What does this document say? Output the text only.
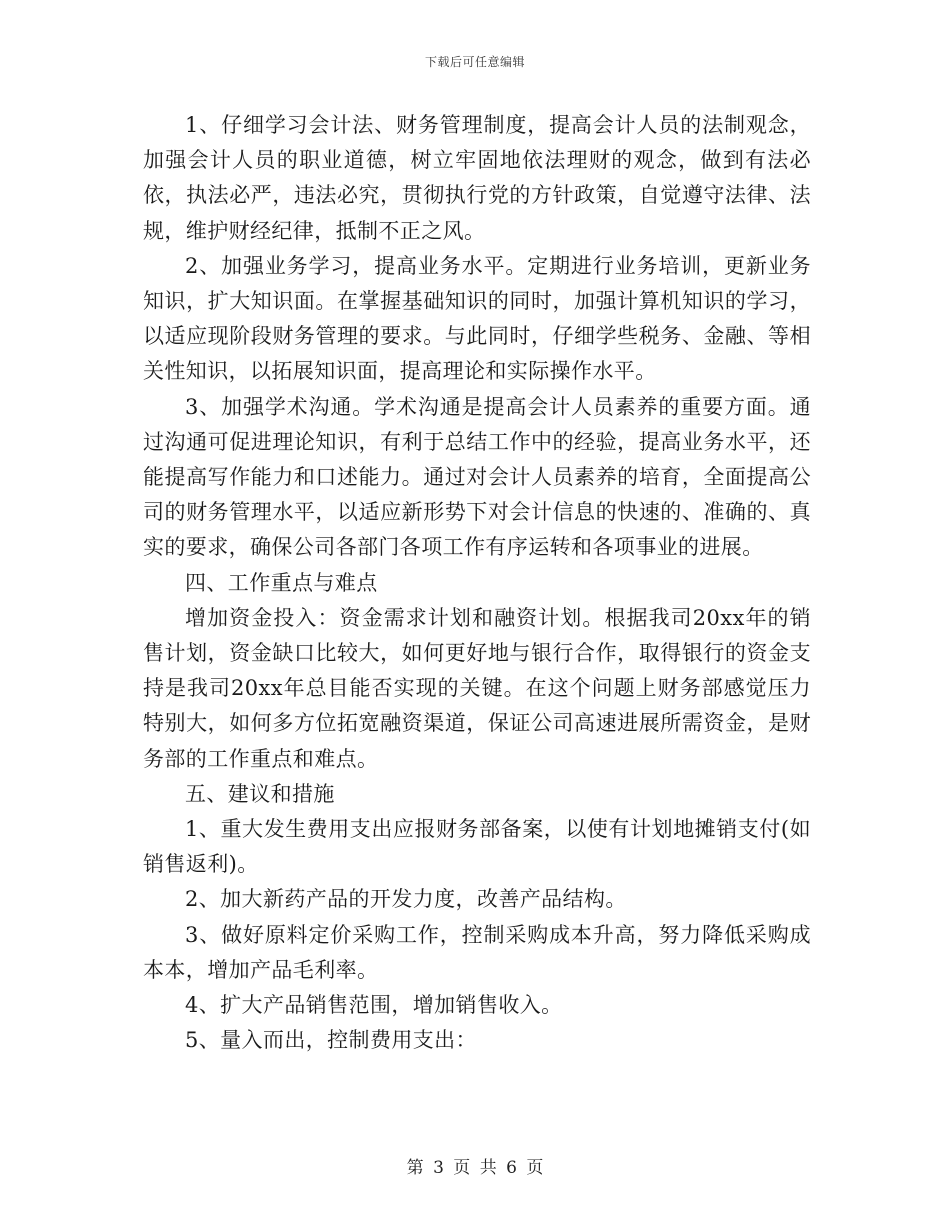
下载后可任意编辑

1、仔细学习会计法、财务管理制度，提高会计人员的法制观念，加强会计人员的职业道德，树立牢固地依法理财的观念，做到有法必依，执法必严，违法必究，贯彻执行党的方针政策，自觉遵守法律、法规，维护财经纪律，抵制不正之风。

2、加强业务学习，提高业务水平。定期进行业务培训，更新业务知识，扩大知识面。在掌握基础知识的同时，加强计算机知识的学习，以适应现阶段财务管理的要求。与此同时，仔细学些税务、金融、等相关性知识，以拓展知识面，提高理论和实际操作水平。

3、加强学术沟通。学术沟通是提高会计人员素养的重要方面。通过沟通可促进理论知识，有利于总结工作中的经验，提高业务水平，还能提高写作能力和口述能力。通过对会计人员素养的培育，全面提高公司的财务管理水平，以适应新形势下对会计信息的快速的、准确的、真实的要求，确保公司各部门各项工作有序运转和各项事业的进展。

四、工作重点与难点

增加资金投入：资金需求计划和融资计划。根据我司20xx年的销售计划，资金缺口比较大，如何更好地与银行合作，取得银行的资金支持是我司20xx年总目能否实现的关键。在这个问题上财务部感觉压力特别大，如何多方位拓宽融资渠道，保证公司高速进展所需资金，是财务部的工作重点和难点。

五、建议和措施

1、重大发生费用支出应报财务部备案，以使有计划地摊销支付(如销售返利)。

2、加大新药产品的开发力度，改善产品结构。

3、做好原料定价采购工作，控制采购成本升高，努力降低采购成本本，增加产品毛利率。

4、扩大产品销售范围，增加销售收入。

5、量入而出，控制费用支出：

第 3 页 共 6 页
